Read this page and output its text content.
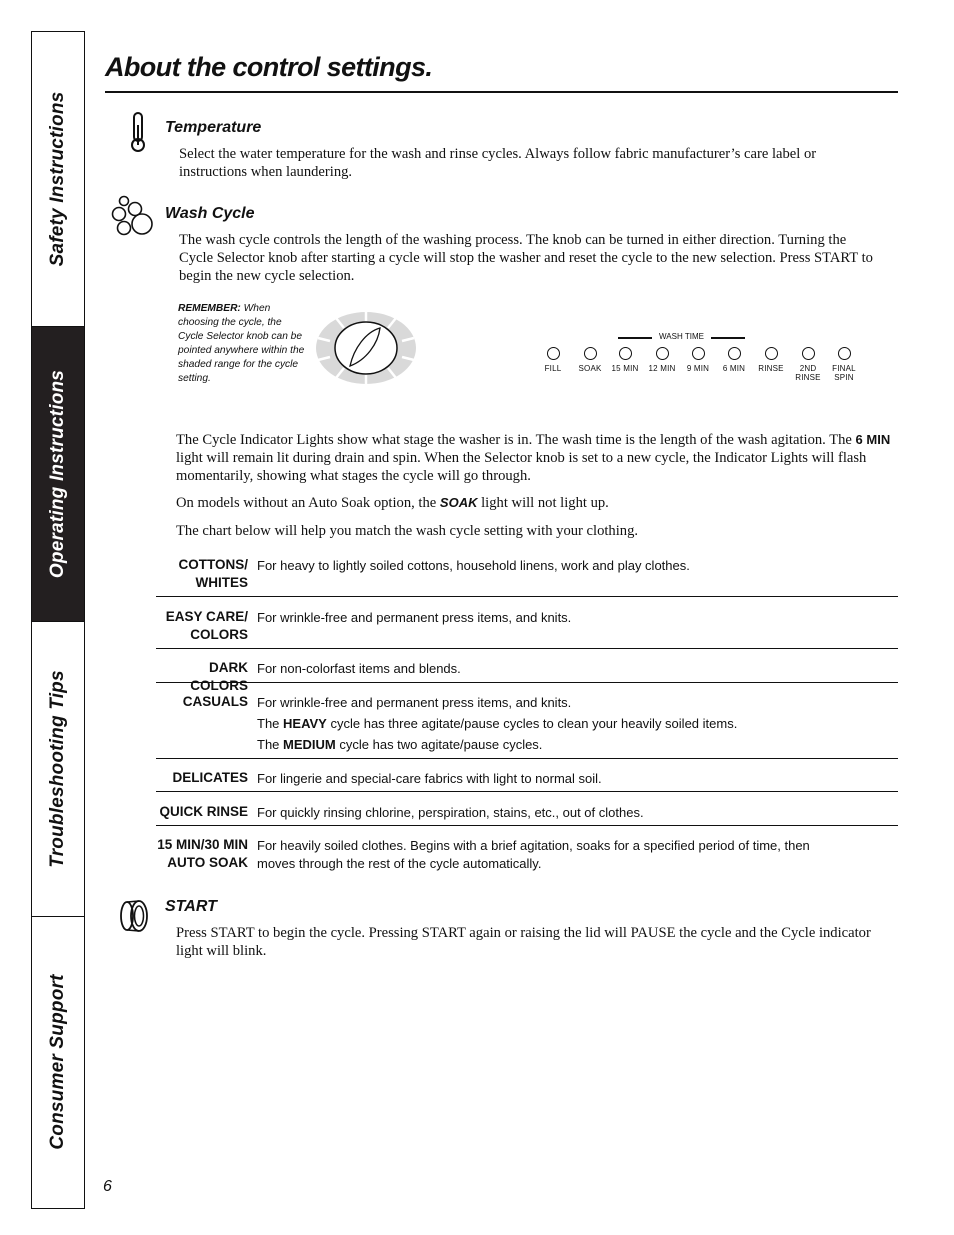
Safety Instructions
Operating Instructions
Troubleshooting Tips
Consumer Support
About the control settings.

Temperature

Select the water temperature for the wash and rinse cycles. Always follow fabric manufacturer’s care label or instructions when laundering.

Wash Cycle

The wash cycle controls the length of the washing process. The knob can be turned in either direction. Turning the Cycle Selector knob after starting a cycle will stop the washer and reset the cycle to the new selection. Press START to begin the new cycle selection.

REMEMBER: When choosing the cycle, the Cycle Selector knob can be pointed anywhere within the shaded range for the cycle setting.
WASH TIME
FILL	SOAK	15 MIN	12 MIN	9 MIN	6 MIN	RINSE	2ND
RINSE
FINAL
SPIN

The Cycle Indicator Lights show what stage the washer is in. The wash time is the length of the wash agitation. The 6 MIN light will remain lit during drain and spin. When the Selector knob is set to a new cycle, the Indicator Lights will flash momentarily, showing what stages the cycle will go through.

On models without an Auto Soak option, the SOAK light will not light up.

The chart below will help you match the wash cycle setting with your clothing.

COTTONS/
WHITES
For heavy to lightly soiled cottons, household linens, work and play clothes.
EASY CARE/
COLORS
For wrinkle-free and permanent press items, and knits.
DARK COLORS
For non-colorfast items and blends.
CASUALS For wrinkle-free and permanent press items, and knits.

The HEAVY cycle has three agitate/pause cycles to clean your heavily soiled items.

The MEDIUM cycle has two agitate/pause cycles.

DELICATES For lingerie and special-care fabrics with light to normal soil.
QUICK RINSE For quickly rinsing chlorine, perspiration, stains, etc., out of clothes.
15 MIN/30 MIN
AUTO SOAK
For heavily soiled clothes. Begins with a brief agitation, soaks for a specified period of time, then moves through the rest of the cycle automatically.

START

Press START to begin the cycle. Pressing START again or raising the lid will PAUSE the cycle and the Cycle indicator light will blink.

6
